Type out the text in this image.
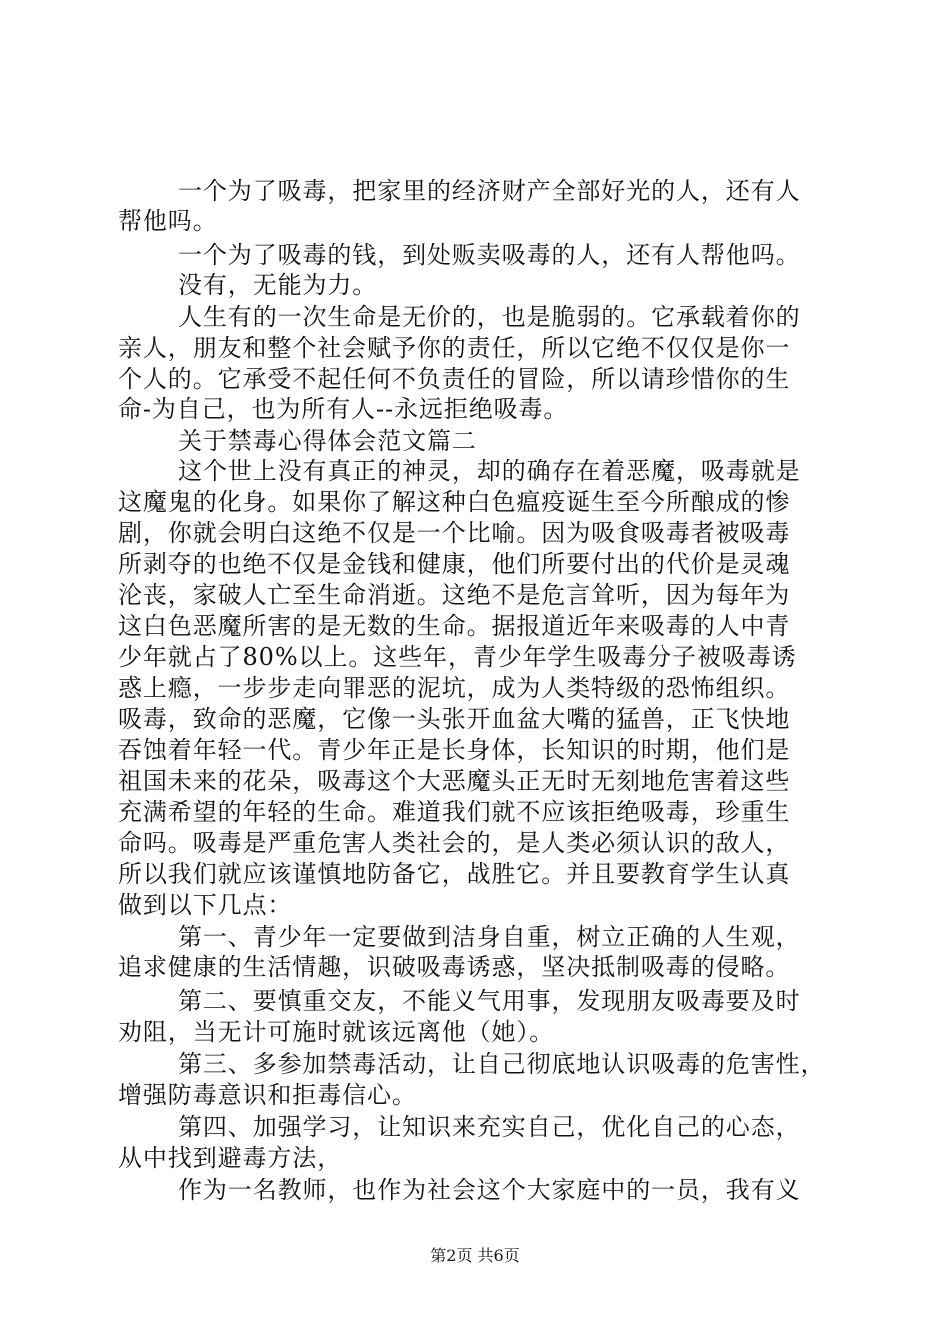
一个为了吸毒，把家里的经济财产全部好光的人，还有人
帮他吗。
一个为了吸毒的钱，到处贩卖吸毒的人，还有人帮他吗。
没有，无能为力。
人生有的一次生命是无价的，也是脆弱的。它承载着你的
亲人，朋友和整个社会赋予你的责任，所以它绝不仅仅是你一
个人的。它承受不起任何不负责任的冒险，所以请珍惜你的生
命-为自己，也为所有人--永远拒绝吸毒。
关于禁毒心得体会范文篇二
这个世上没有真正的神灵，却的确存在着恶魔，吸毒就是
这魔鬼的化身。如果你了解这种白色瘟疫诞生至今所酿成的惨
剧，你就会明白这绝不仅是一个比喻。因为吸食吸毒者被吸毒
所剥夺的也绝不仅是金钱和健康，他们所要付出的代价是灵魂
沦丧，家破人亡至生命消逝。这绝不是危言耸听，因为每年为
这白色恶魔所害的是无数的生命。据报道近年来吸毒的人中青
少年就占了80%以上。这些年，青少年学生吸毒分子被吸毒诱
惑上瘾，一步步走向罪恶的泥坑，成为人类特级的恐怖组织。
吸毒，致命的恶魔，它像一头张开血盆大嘴的猛兽，正飞快地
吞蚀着年轻一代。青少年正是长身体，长知识的时期，他们是
祖国未来的花朵，吸毒这个大恶魔头正无时无刻地危害着这些
充满希望的年轻的生命。难道我们就不应该拒绝吸毒，珍重生
命吗。吸毒是严重危害人类社会的，是人类必须认识的敌人，
所以我们就应该谨慎地防备它，战胜它。并且要教育学生认真
做到以下几点：
第一、青少年一定要做到洁身自重，树立正确的人生观，
追求健康的生活情趣，识破吸毒诱惑，坚决抵制吸毒的侵略。
第二、要慎重交友，不能义气用事，发现朋友吸毒要及时
劝阻，当无计可施时就该远离他（她）。
第三、多参加禁毒活动，让自己彻底地认识吸毒的危害性，
增强防毒意识和拒毒信心。
第四、加强学习，让知识来充实自己，优化自己的心态，
从中找到避毒方法，
作为一名教师，也作为社会这个大家庭中的一员，我有义
第2页 共6页
